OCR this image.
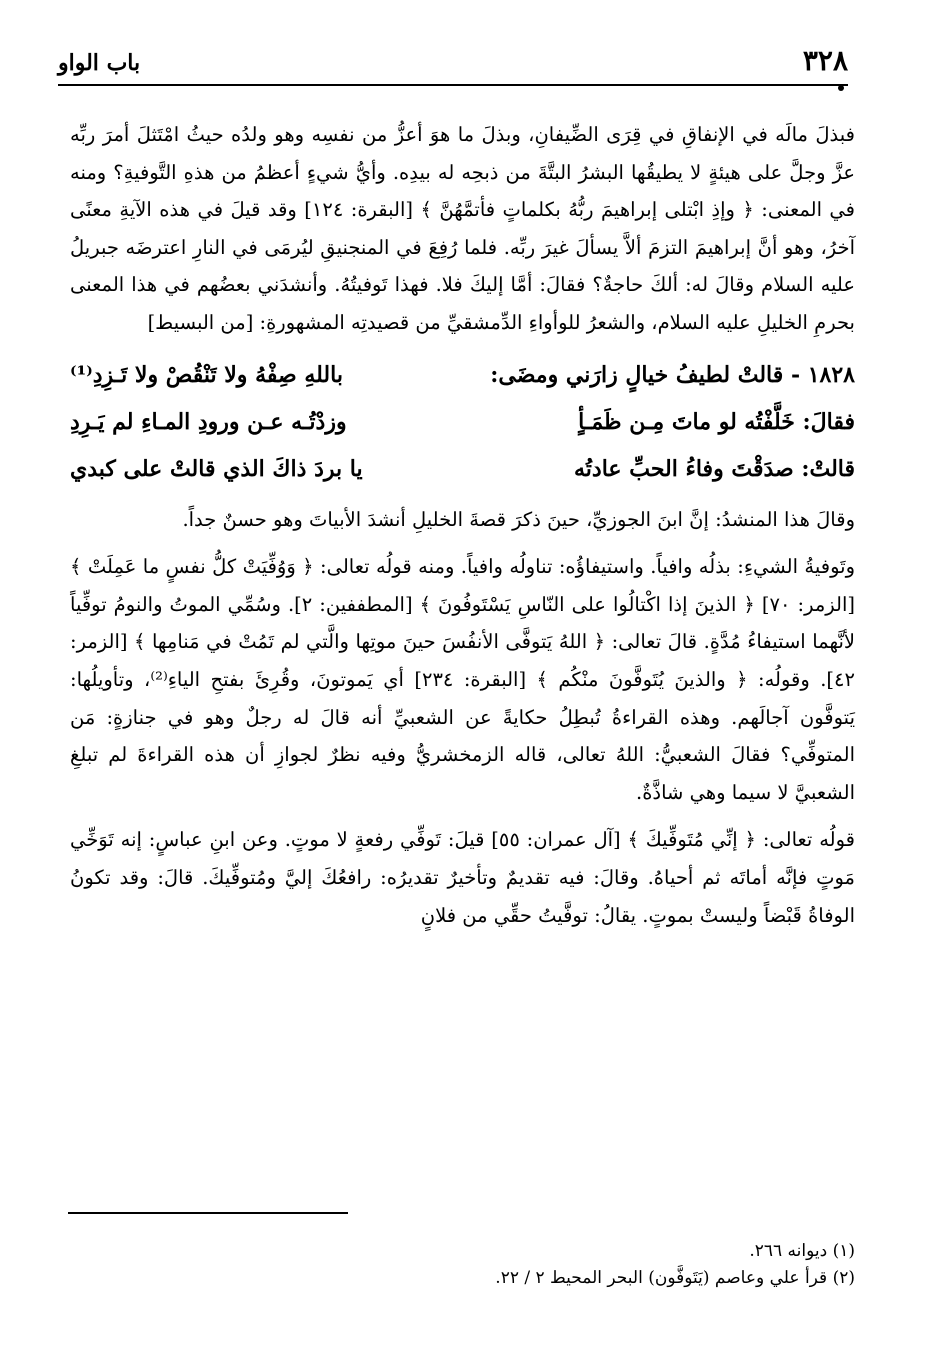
٣٢٨
باب الواو

فبذلَ مالَه في الإنفاقِ في قِرَى الضِّيفانِ، وبذلَ ما هوَ أعزُّ من نفسِه وهو ولدُه حيثُ امْتَثلَ أمرَ ربِّه عزَّ وجلَّ على هيئةٍ لا يطيقُها البشرُ البتَّةَ من ذبحِه له بيدِه. وأيُّ شيءٍ أعظمُ من هذهِ التَّوفيةِ؟ ومنه في المعنى: ﴿ وإذِ ابْتلى إبراهيمَ ربُّهُ بكلماتٍ فأتمَّهُنَّ ﴾ [البقرة: ١٢٤] وقد قيلَ في هذه الآيةِ معنًى آخرُ، وهو أنَّ إبراهيمَ التزمَ ألاَّ يسألَ غيرَ ربِّه. فلما رُفِعَ في المنجنيقِ ليُرمَى في النارِ اعترضَه جبريلُ عليه السلام وقالَ له: ألكَ حاجةٌ؟ فقالَ: أمَّا إليكَ فلا. فهذا تَوفيتُهُ. وأنشدَني بعضُهم في هذا المعنى بحرمِ الخليلِ عليه السلام، والشعرُ للوأواءِ الدِّمشقيِّ من قصيدتِه المشهورةِ: [من البسيط]

١٨٢٨ - قالتْ لطيفُ خيالٍ زارَني ومضَى:
باللهِ صِفْهُ ولا تَنْقُصْ ولا تَـزِدِ⁽¹⁾
فقالَ: خَلَّفْتُه لو ماتَ مِـن ظَمَـأٍ
وزدْتُـه عـن ورودِ المـاءِ لم يَـرِدِ
قالتْ: صدَقْتَ وفاءُ الحبِّ عادتُه
يا بردَ ذاكَ الذي قالتْ على كبدي

وقالَ هذا المنشدُ: إنَّ ابنَ الجوزيِّ، حينَ ذكرَ قصةَ الخليلِ أنشدَ الأبياتَ وهو حسنٌ جداً.

وتَوفيةُ الشيءِ: بذلُه وافياً. واستيفاؤُه: تناولُه وافياً. ومنه قولُه تعالى: ﴿ وَوُفِّيَتْ كلُّ نفسٍ ما عَمِلَتْ ﴾ [الزمر: ٧٠] ﴿ الذينَ إذا اكْتالُوا على النّاسِ يَسْتَوفُونَ ﴾ [المطففين: ٢]. وسُمِّي الموتُ والنومُ توفِّياً لأنَّهما استيفاءُ مُدَّةٍ. قالَ تعالى: ﴿ اللهُ يَتوفَّى الأنفُسَ حينَ موتِها والَّتي لم تَمُتْ في مَنامِها ﴾ [الزمر: ٤٢]. وقولُه: ﴿ والذينَ يُتَوفَّونَ منْكُم ﴾ [البقرة: ٢٣٤] أي يَموتونَ، وقُرِئَ بفتحِ الياءِ⁽²⁾، وتأويلُها: يَتوفَّون آجالَهم. وهذه القراءةُ تُبطِلُ حكايةً عن الشعبيِّ أنه قالَ له رجلٌ وهو في جنازةٍ: مَن المتوفِّي؟ فقالَ الشعبيُّ: اللهُ تعالى، قاله الزمخشريُّ وفيه نظرٌ لجوازِ أن هذه القراءةَ لم تبلغِ الشعبيَّ لا سيما وهي شاذَّةٌ.

قولُه تعالى: ﴿ إنِّي مُتَوفِّيكَ ﴾ [آل عمران: ٥٥] قيلَ: تَوفِّي رفعةٍ لا موتٍ. وعن ابنِ عباسٍ: إنه تَوَخِّي مَوتٍ فإنَّه أماتَه ثم أحياهُ. وقالَ: فيه تقديمٌ وتأخيرٌ تقديرُه: رافعُكَ إليَّ ومُتوفِّيكَ. قالَ: وقد تكونُ الوفاةُ قَبْضاً وليستْ بموتٍ. يقالُ: توفَّيتُ حقِّي من فلانٍ

(١) ديوانه ٢٦٦.
(٢) قرأ علي وعاصم (يَتَوفَّون) البحر المحيط ٢ / ٢٢.
